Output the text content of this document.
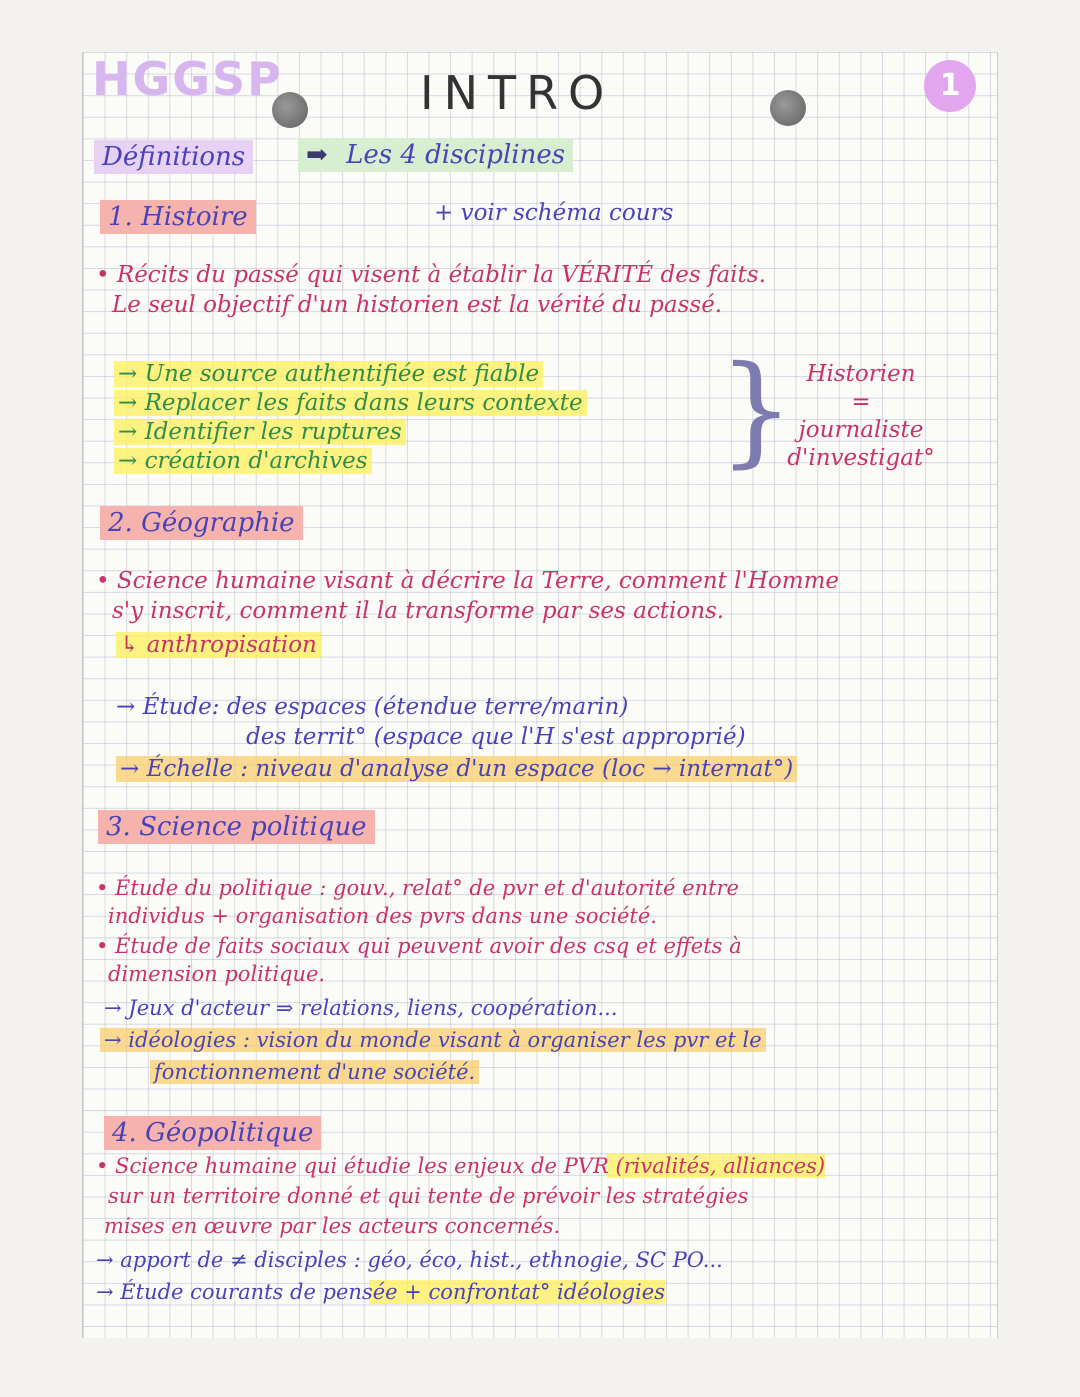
HGGSP	INTRO	1
Définitions	➡ Les 4 disciplines
1. Histoire	+ voir schéma cours
• Récits du passé qui visent à établir la VÉRITÉ des faits.
Le seul objectif d'un historien est la vérité du passé.
→ Une source authentifiée est fiable
→ Replacer les faits dans leurs contexte
→ Identifier les ruptures
→ création d'archives	} Historien
=
journaliste
d'investigat°
2. Géographie
• Science humaine visant à décrire la Terre, comment l'Homme
s'y inscrit, comment il la transforme par ses actions.
↳ anthropisation
→ Étude: des espaces (étendue terre/marin)
des territ° (espace que l'H s'est approprié)
→ Échelle : niveau d'analyse d'un espace (loc → internat°)
3. Science politique
• Étude du politique : gouv., relat° de pvr et d'autorité entre
individus + organisation des pvrs dans une société.
• Étude de faits sociaux qui peuvent avoir des csq et effets à
dimension politique.
→ Jeux d'acteur ⇒ relations, liens, coopération...
→ idéologies : vision du monde visant à organiser les pvr et le
fonctionnement d'une société.
4. Géopolitique
• Science humaine qui étudie les enjeux de PVR (rivalités, alliances)
sur un territoire donné et qui tente de prévoir les stratégies
mises en œuvre par les acteurs concernés.
→ apport de ≠ disciples : géo, éco, hist., ethnogie, SC PO...
→ Étude courants de pensée + confrontat° idéologies
